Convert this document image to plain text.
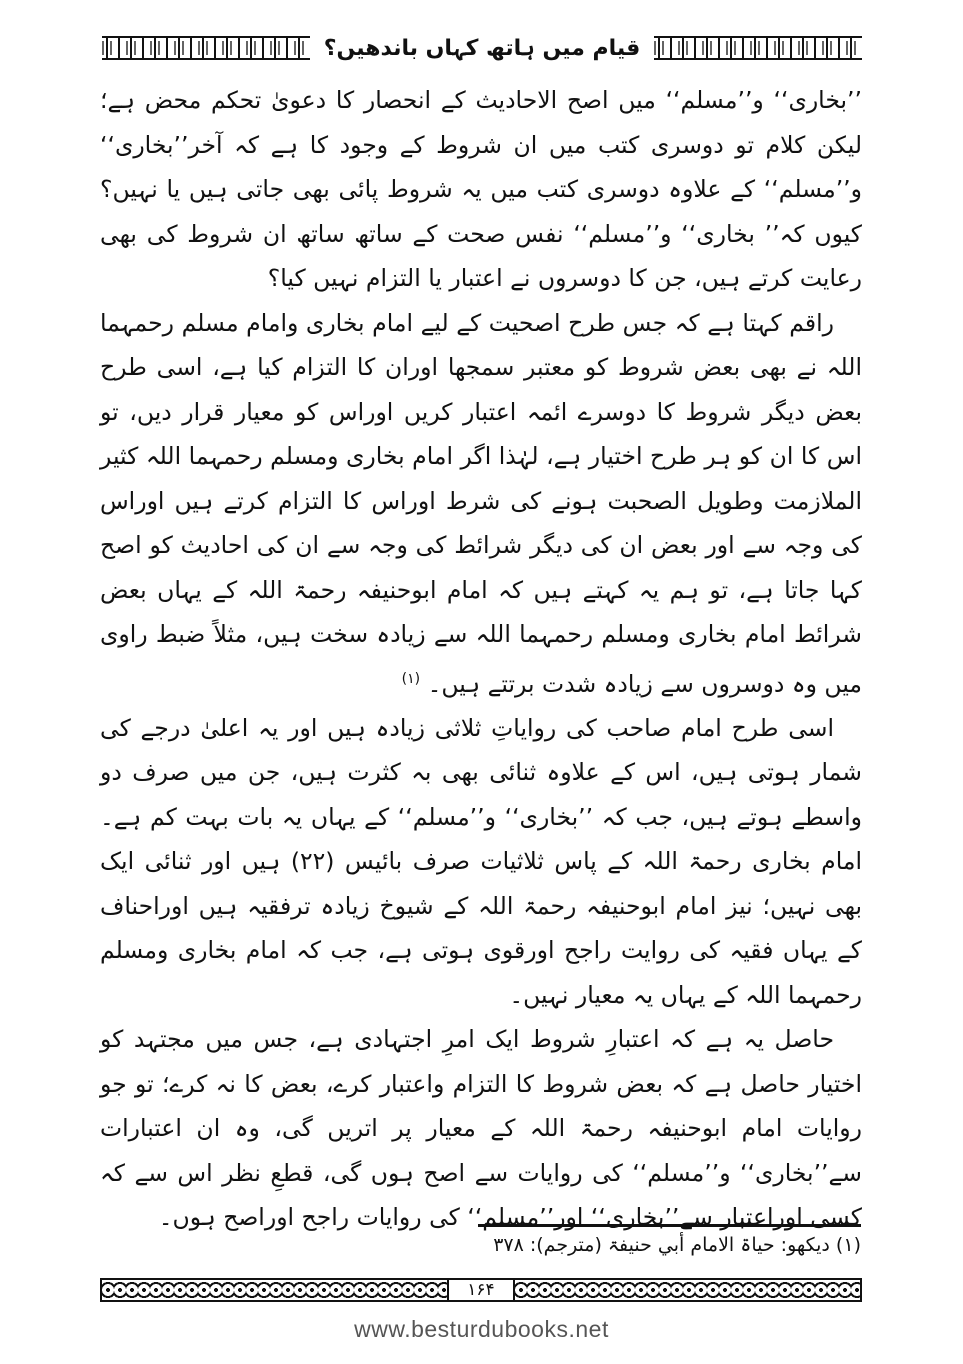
قیام میں ہاتھ کہاں باندھیں؟

’’بخاری‘‘ و’’مسلم‘‘ میں اصح الاحادیث کے انحصار کا دعویٰ تحکم محض ہے؛ لیکن کلام تو دوسری کتب میں ان شروط کے وجود کا ہے کہ آخر’’بخاری‘‘ و’’مسلم‘‘ کے علاوہ دوسری کتب میں یہ شروط پائی بھی جاتی ہیں یا نہیں؟ کیوں کہ’’ بخاری‘‘ و’’مسلم‘‘ نفس صحت کے ساتھ ساتھ ان شروط کی بھی رعایت کرتے ہیں، جن کا دوسروں نے اعتبار یا التزام نہیں کیا؟

راقم کہتا ہے کہ جس طرح اصحیت کے لیے امام بخاری وامام مسلم رحمہما اللہ نے بھی بعض شروط کو معتبر سمجھا اوران کا التزام کیا ہے، اسی طرح بعض دیگر شروط کا دوسرے ائمہ اعتبار کریں اوراس کو معیار قرار دیں، تو اس کا ان کو ہر طرح اختیار ہے، لہٰذا اگر امام بخاری ومسلم رحمہما اللہ کثیر الملازمت وطویل الصحبت ہونے کی شرط اوراس کا التزام کرتے ہیں اوراس کی وجہ سے اور بعض ان کی دیگر شرائط کی وجہ سے ان کی احادیث کو اصح کہا جاتا ہے، تو ہم یہ کہتے ہیں کہ امام ابوحنیفہ رحمۃ اللہ کے یہاں بعض شرائط امام بخاری ومسلم رحمہما اللہ سے زیادہ سخت ہیں، مثلاً ضبط راوی میں وہ دوسروں سے زیادہ شدت برتتے ہیں۔ $^{(۱)}$

اسی طرح امام صاحب کی روایاتِ ثلاثی زیادہ ہیں اور یہ اعلیٰ درجے کی شمار ہوتی ہیں، اس کے علاوہ ثنائی بھی بہ کثرت ہیں، جن میں صرف دو واسطے ہوتے ہیں، جب کہ ’’بخاری‘‘ و’’مسلم‘‘ کے یہاں یہ بات بہت کم ہے۔ امام بخاری رحمۃ اللہ کے پاس ثلاثیات صرف بائیس (۲۲) ہیں اور ثنائی ایک بھی نہیں؛ نیز امام ابوحنیفہ رحمۃ اللہ کے شیوخ زیادہ ترفقیہ ہیں اوراحناف کے یہاں فقیہ کی روایت راجح اورقوی ہوتی ہے، جب کہ امام بخاری ومسلم رحمہما اللہ کے یہاں یہ معیار نہیں۔

حاصل یہ ہے کہ اعتبارِ شروط ایک امرِ اجتہادی ہے، جس میں مجتہد کو اختیار حاصل ہے کہ بعض شروط کا التزام واعتبار کرے، بعض کا نہ کرے؛ تو جو روایات امام ابوحنیفہ رحمۃ اللہ کے معیار پر اتریں گی، وہ ان اعتبارات سے’’بخاری‘‘ و’’مسلم‘‘ کی روایات سے اصح ہوں گی، قطعِ نظر اس سے کہ کسی اوراعتبار سے’’بخاری‘‘ اور’’مسلم‘‘ کی روایات راجح اوراصح ہوں۔

(۱) دیکھو: حیاۃ الامام أبي حنیفۃ (مترجم): ۳۷۸
۱۶۴
www.besturdubooks.net
